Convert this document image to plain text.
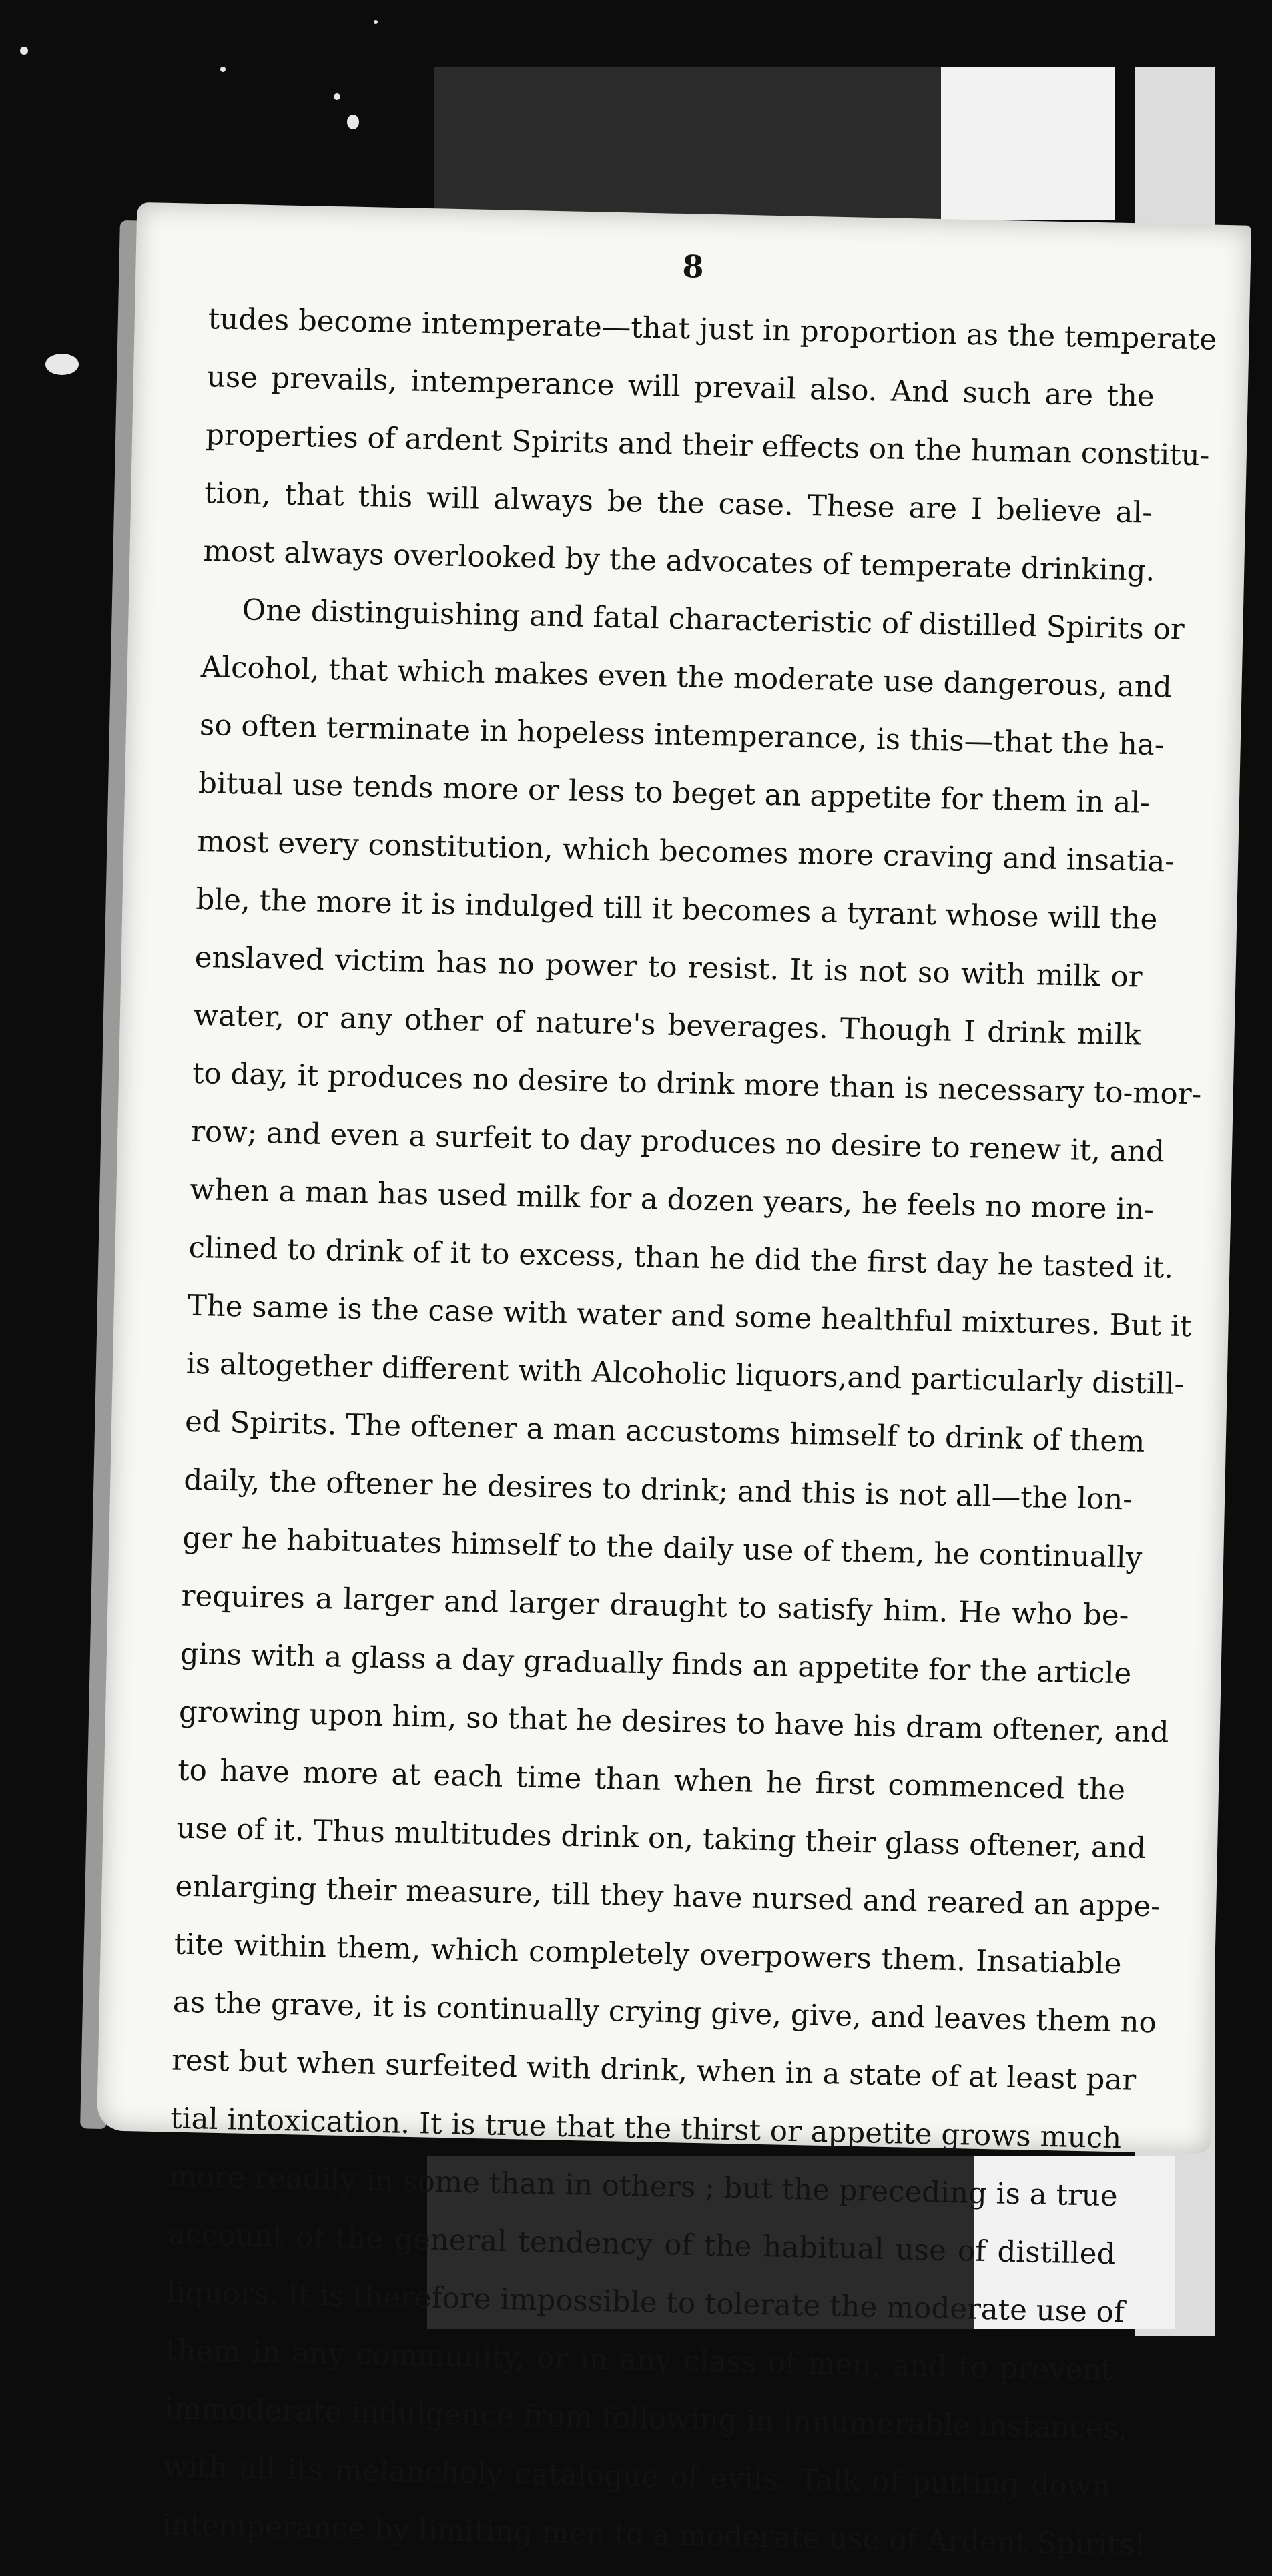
8
tudes become intemperate—that just in proportion as the temperate
use prevails, intemperance will prevail also. And such are the
properties of ardent Spirits and their effects on the human constitu-
tion, that this will always be the case. These are I believe al-
most always overlooked by the advocates of temperate drinking.
One distinguishing and fatal characteristic of distilled Spirits or
Alcohol, that which makes even the moderate use dangerous, and
so often terminate in hopeless intemperance, is this—that the ha-
bitual use tends more or less to beget an appetite for them in al-
most every constitution, which becomes more craving and insatia-
ble, the more it is indulged till it becomes a tyrant whose will the
enslaved victim has no power to resist. It is not so with milk or
water, or any other of nature's beverages. Though I drink milk
to day, it produces no desire to drink more than is necessary to-mor-
row; and even a surfeit to day produces no desire to renew it, and
when a man has used milk for a dozen years, he feels no more in-
clined to drink of it to excess, than he did the first day he tasted it.
The same is the case with water and some healthful mixtures. But it
is altogether different with Alcoholic liquors,and particularly distill-
ed Spirits. The oftener a man accustoms himself to drink of them
daily, the oftener he desires to drink; and this is not all—the lon-
ger he habituates himself to the daily use of them, he continually
requires a larger and larger draught to satisfy him. He who be-
gins with a glass a day gradually finds an appetite for the article
growing upon him, so that he desires to have his dram oftener, and
to have more at each time than when he first commenced the
use of it. Thus multitudes drink on, taking their glass oftener, and
enlarging their measure, till they have nursed and reared an appe-
tite within them, which completely overpowers them. Insatiable
as the grave, it is continually crying give, give, and leaves them no
rest but when surfeited with drink, when in a state of at least par
tial intoxication. It is true that the thirst or appetite grows much
more readily in some than in others ; but the preceding is a true
account of the general tendency of the habitual use of distilled
liquors. It is therefore impossible to tolerate the moderate use of
them in any community, or in any class of men, and to prevent
immoderate indulgence from following in innumerable instances,
with all its melancholy catalogue of evils. Talk of putting down
intemperance by limiting men to a moderate use of Ardent Spirits!
